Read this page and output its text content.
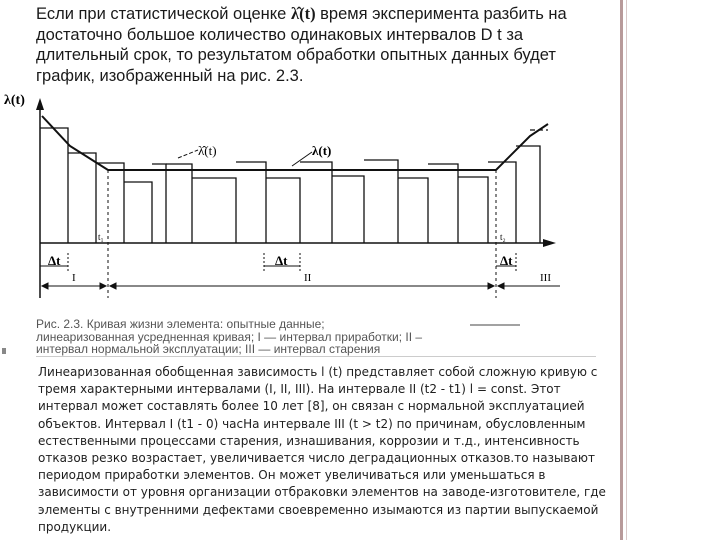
Если при статистической оценке λ̂(t) время эксперимента разбить на
достаточно большое количество одинаковых интервалов D t за
длительный срок, то результатом обработки опытных данных будет
график, изображенный на рис. 2.3.
λ(t)
λ̂(t)	λ(t)
t₁	t₂
Δt	Δt	Δt
I	II	III
Рис. 2.3. Кривая жизни элемента: опытные данные;
линеаризованная усредненная кривая; I — интервал приработки; II –
интервал нормальной эксплуатации; III — интервал старения
Линеаризованная обобщенная зависимость l (t) представляет собой сложную кривую с
тремя характерными интервалами (I, II, III). На интервале II (t2 - t1) l = const. Этот
интервал может составлять более 10 лет [8], он связан с нормальной эксплуатацией
объектов. Интервал I (t1 - 0) часНа интервале III (t > t2) по причинам, обусловленным
естественными процессами старения, изнашивания, коррозии и т.д., интенсивность
отказов резко возрастает, увеличивается число деградационных отказов.то называют
периодом приработки элементов. Он может увеличиваться или уменьшаться в
зависимости от уровня организации отбраковки элементов на заводе-изготовителе, где
элементы с внутренними дефектами своевременно изымаются из партии выпускаемой
продукции.
